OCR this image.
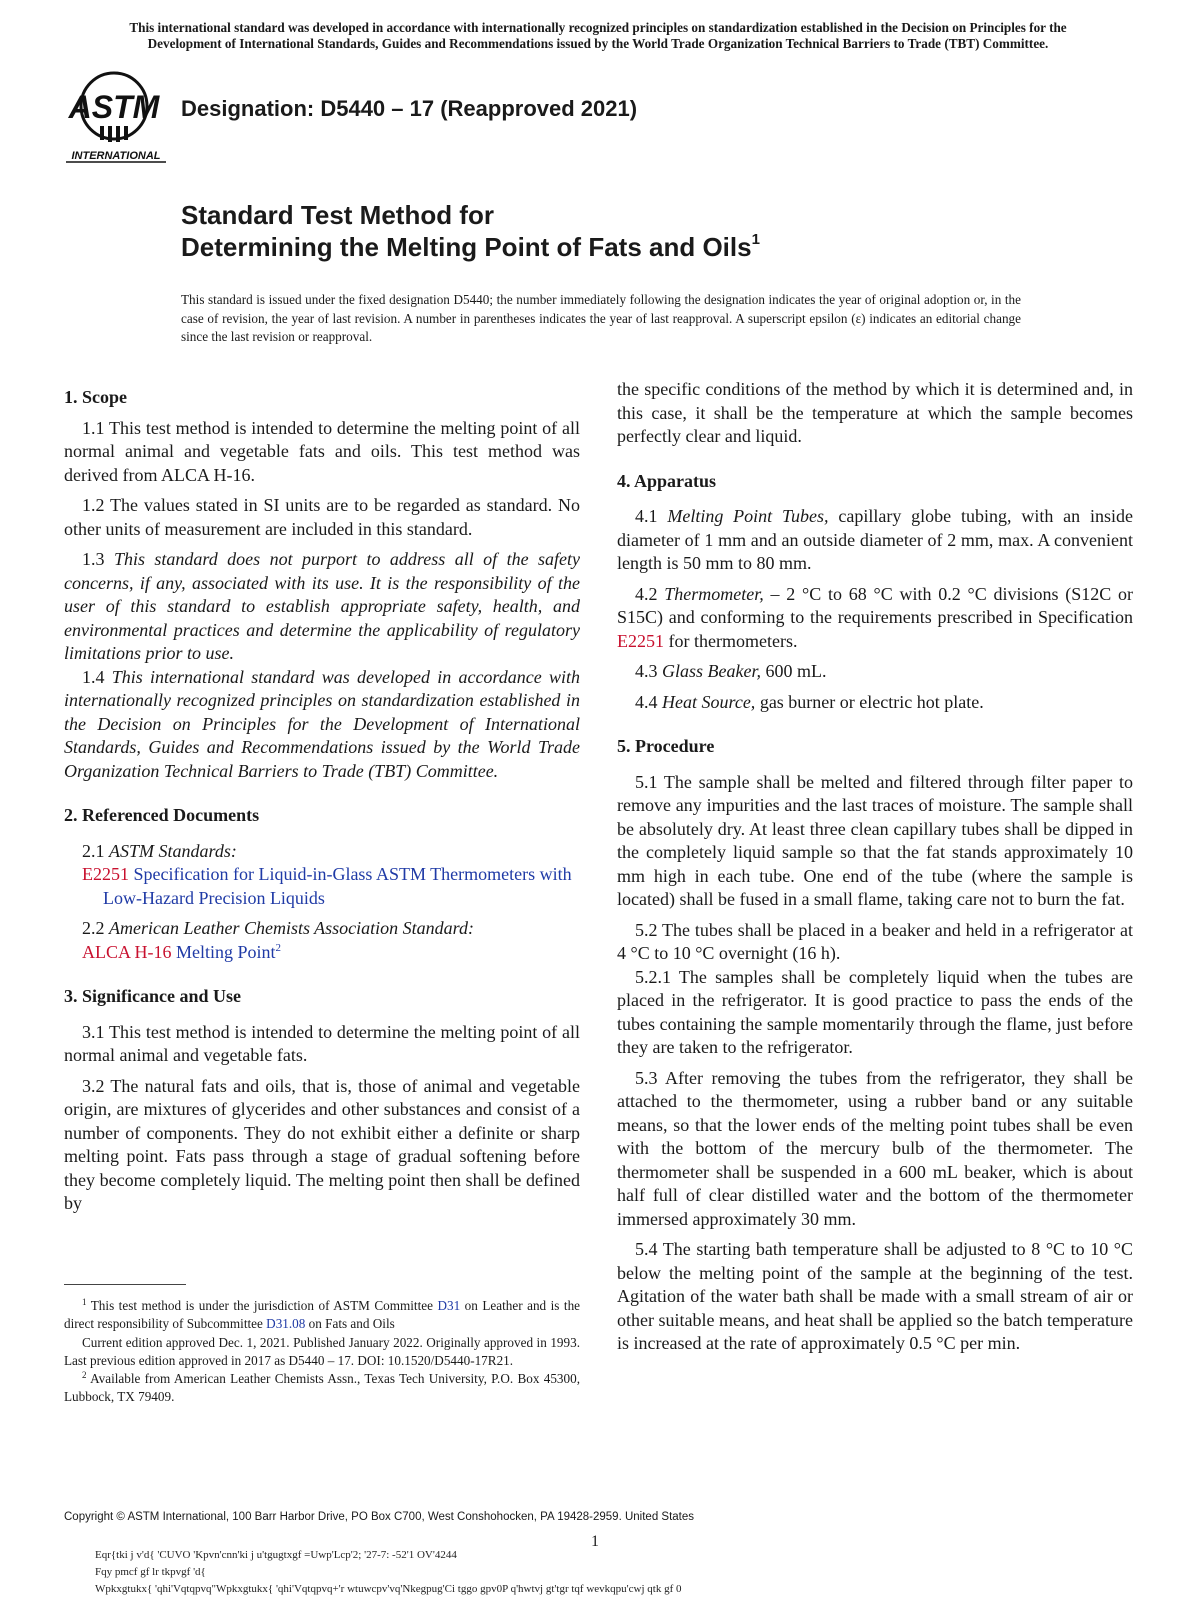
This international standard was developed in accordance with internationally recognized principles on standardization established in the Decision on Principles for the
Development of International Standards, Guides and Recommendations issued by the World Trade Organization Technical Barriers to Trade (TBT) Committee.
ASTM
INTERNATIONAL
Designation: D5440 – 17 (Reapproved 2021)
Standard Test Method for
Determining the Melting Point of Fats and Oils$^1$
This standard is issued under the fixed designation D5440; the number immediately following the designation indicates the year of original adoption or, in the case of revision, the year of last revision. A number in parentheses indicates the year of last reapproval. A superscript epsilon (ε) indicates an editorial change since the last revision or reapproval.
1. Scope

1.1 This test method is intended to determine the melting point of all normal animal and vegetable fats and oils. This test method was derived from ALCA H-16.

1.2 The values stated in SI units are to be regarded as standard. No other units of measurement are included in this standard.

1.3 This standard does not purport to address all of the safety concerns, if any, associated with its use. It is the responsibility of the user of this standard to establish appropriate safety, health, and environmental practices and determine the applicability of regulatory limitations prior to use.

1.4 This international standard was developed in accordance with internationally recognized principles on standardization established in the Decision on Principles for the Development of International Standards, Guides and Recommendations issued by the World Trade Organization Technical Barriers to Trade (TBT) Committee.

2. Referenced Documents

2.1 ASTM Standards:

E2251 Specification for Liquid-in-Glass ASTM Thermometers with Low-Hazard Precision Liquids

2.2 American Leather Chemists Association Standard:

ALCA H-16 Melting Point$^2$

3. Significance and Use

3.1 This test method is intended to determine the melting point of all normal animal and vegetable fats.

3.2 The natural fats and oils, that is, those of animal and vegetable origin, are mixtures of glycerides and other substances and consist of a number of components. They do not exhibit either a definite or sharp melting point. Fats pass through a stage of gradual softening before they become completely liquid. The melting point then shall be defined by

$^1$ This test method is under the jurisdiction of ASTM Committee D31 on Leather and is the direct responsibility of Subcommittee D31.08 on Fats and Oils

Current edition approved Dec. 1, 2021. Published January 2022. Originally approved in 1993. Last previous edition approved in 2017 as D5440 – 17. DOI: 10.1520/D5440-17R21.

$^2$ Available from American Leather Chemists Assn., Texas Tech University, P.O. Box 45300, Lubbock, TX 79409.

the specific conditions of the method by which it is determined and, in this case, it shall be the temperature at which the sample becomes perfectly clear and liquid.

4. Apparatus

4.1 Melting Point Tubes, capillary globe tubing, with an inside diameter of 1 mm and an outside diameter of 2 mm, max. A convenient length is 50 mm to 80 mm.

4.2 Thermometer, – 2 °C to 68 °C with 0.2 °C divisions (S12C or S15C) and conforming to the requirements prescribed in Specification E2251 for thermometers.

4.3 Glass Beaker, 600 mL.

4.4 Heat Source, gas burner or electric hot plate.

5. Procedure

5.1 The sample shall be melted and filtered through filter paper to remove any impurities and the last traces of moisture. The sample shall be absolutely dry. At least three clean capillary tubes shall be dipped in the completely liquid sample so that the fat stands approximately 10 mm high in each tube. One end of the tube (where the sample is located) shall be fused in a small flame, taking care not to burn the fat.

5.2 The tubes shall be placed in a beaker and held in a refrigerator at 4 °C to 10 °C overnight (16 h).

5.2.1 The samples shall be completely liquid when the tubes are placed in the refrigerator. It is good practice to pass the ends of the tubes containing the sample momentarily through the flame, just before they are taken to the refrigerator.

5.3 After removing the tubes from the refrigerator, they shall be attached to the thermometer, using a rubber band or any suitable means, so that the lower ends of the melting point tubes shall be even with the bottom of the mercury bulb of the thermometer. The thermometer shall be suspended in a 600 mL beaker, which is about half full of clear distilled water and the bottom of the thermometer immersed approximately 30 mm.

5.4 The starting bath temperature shall be adjusted to 8 °C to 10 °C below the melting point of the sample at the beginning of the test. Agitation of the water bath shall be made with a small stream of air or other suitable means, and heat shall be applied so the batch temperature is increased at the rate of approximately 0.5 °C per min.

Copyright © ASTM International, 100 Barr Harbor Drive, PO Box C700, West Conshohocken, PA 19428-2959. United States
1
Eqr{tki j v'd{ 'CUVO 'Kpvn'cnn'ki j u'tgugtxgf =Uwp'Lcp'2; '27-7: -52'1 OV'4244
Fqy pmcf gf lr tkpvgf 'd{
Wpkxgtukx{ 'qhi'Vqtqpvq"Wpkxgtukx{ 'qhi'Vqtqpvq+'r wtuwcpv'vq'Nkegpug'Ci tggo gpv0P q'hwtvj gt'tgr tqf wevkqpu'cwj qtk gf 0
